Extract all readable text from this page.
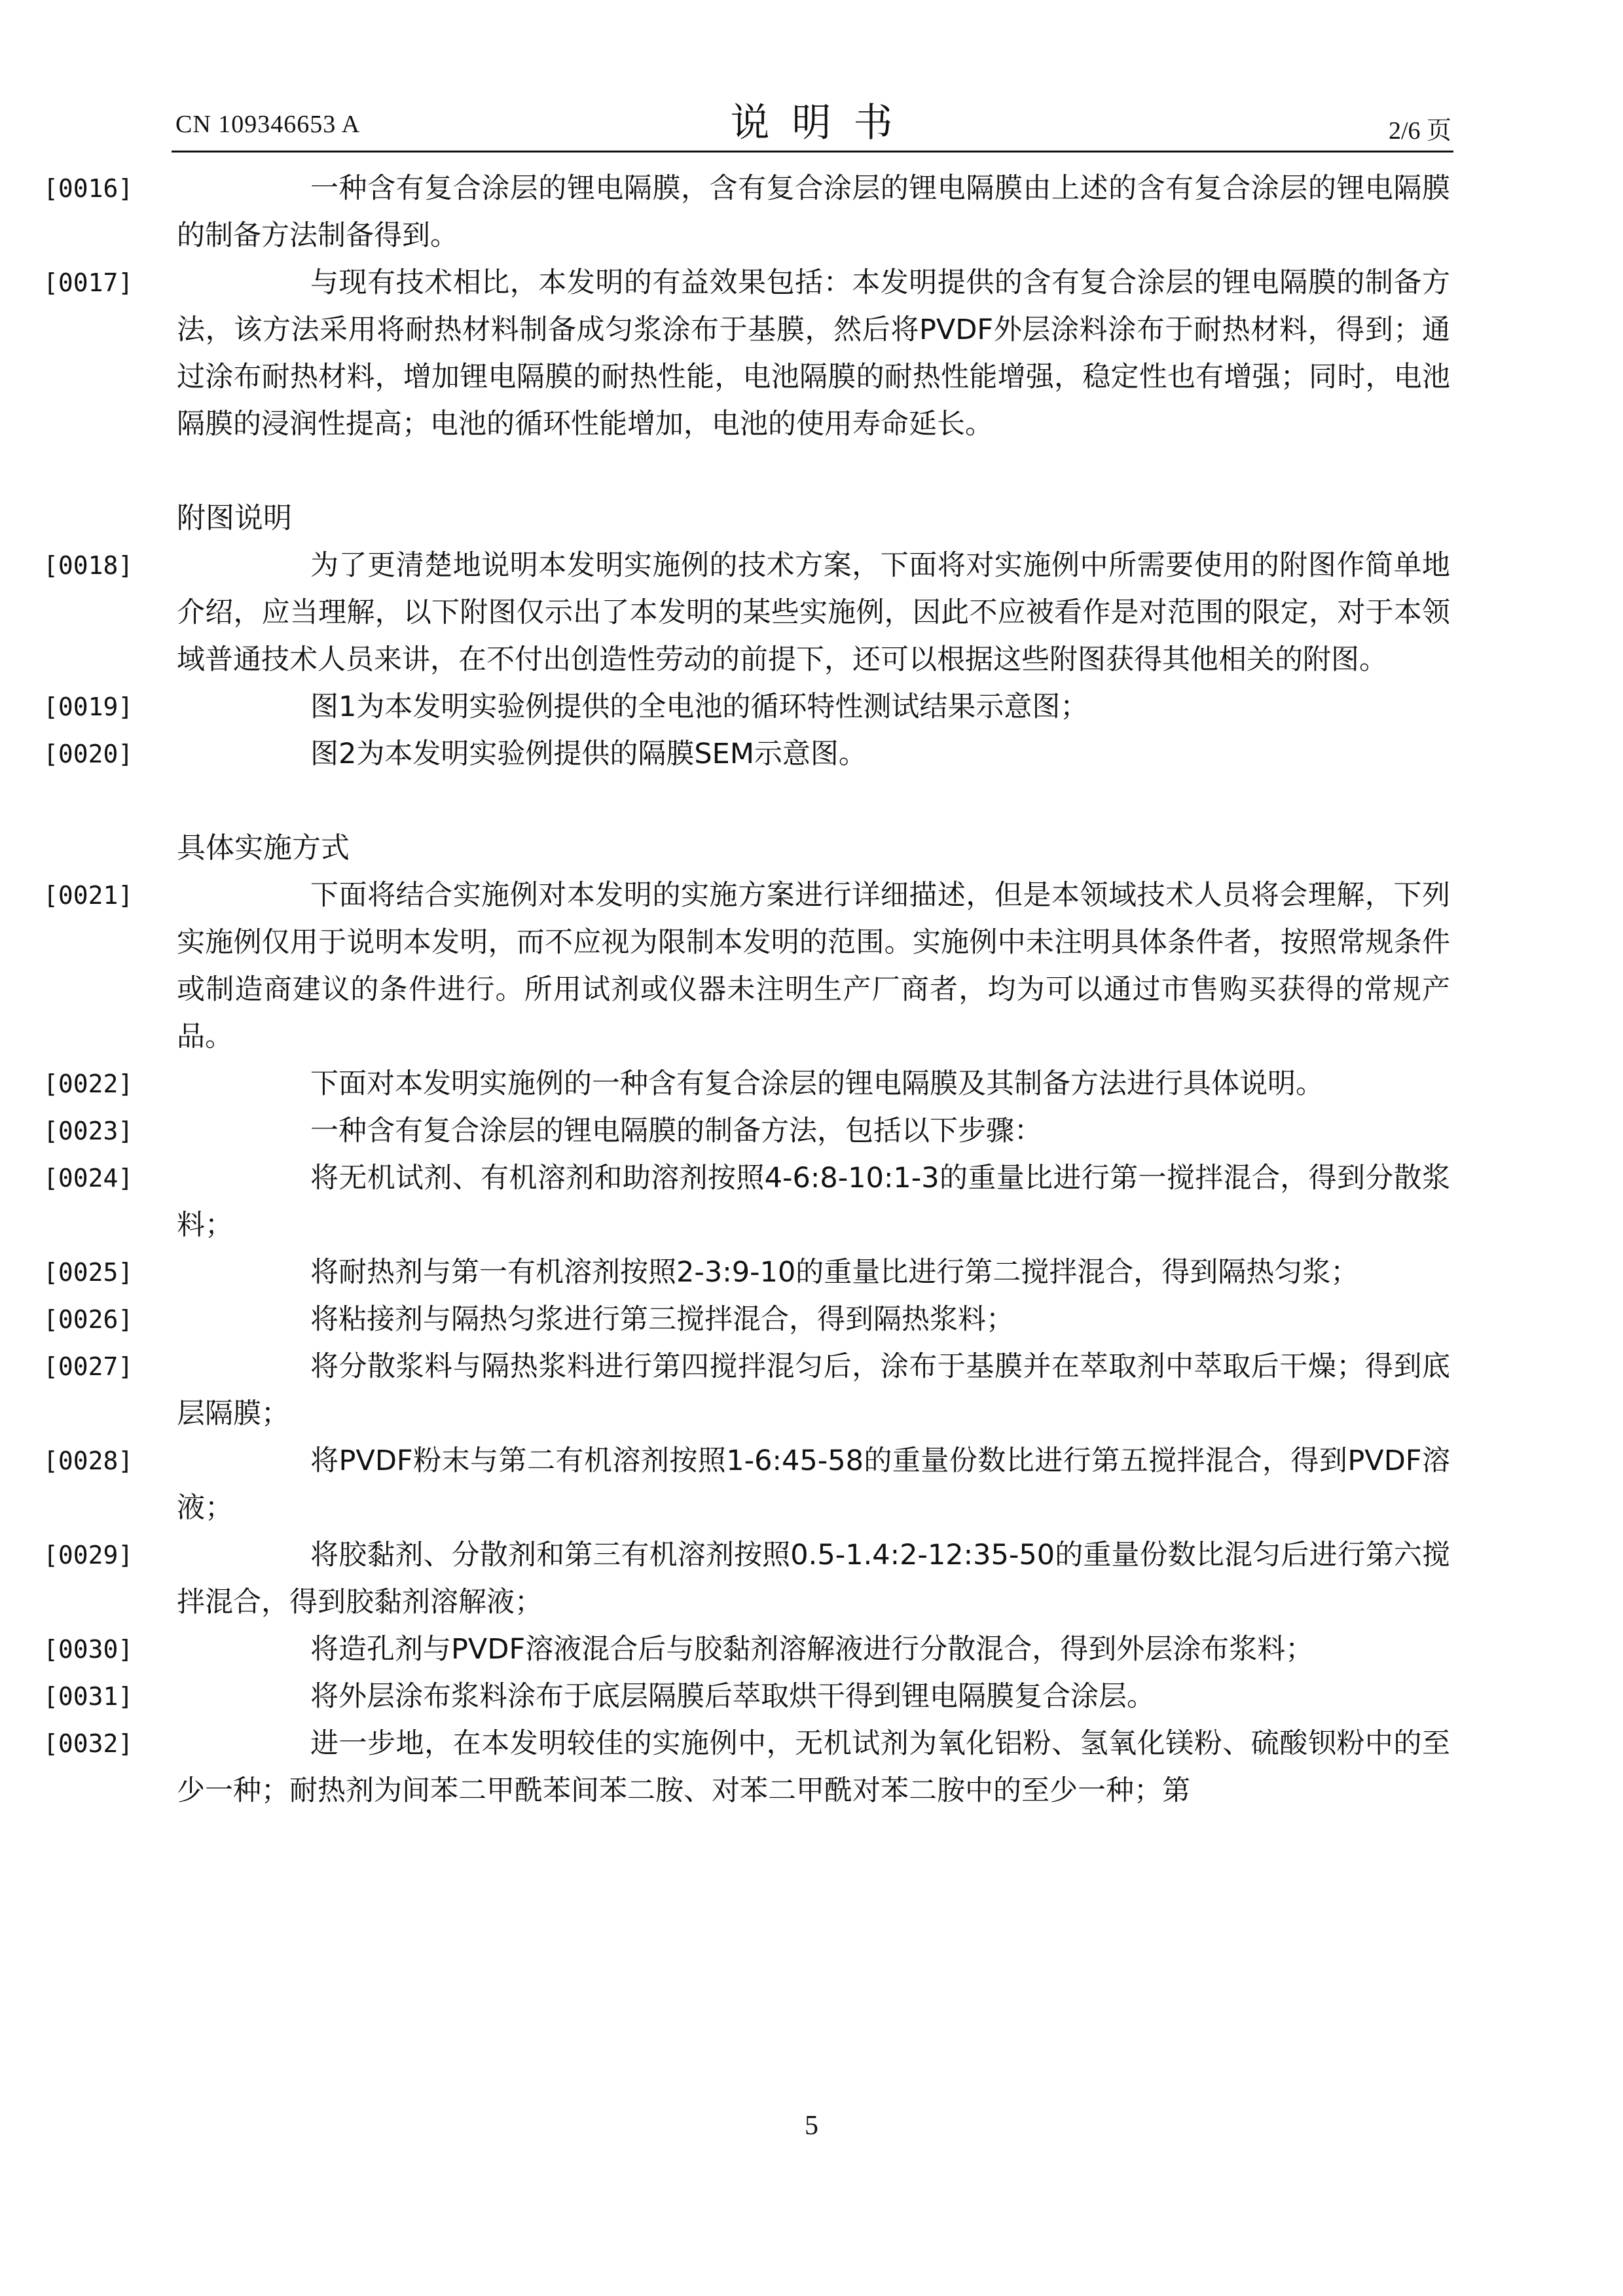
CN 109346653 A	说明书	2/6 页

[0016]	一种含有复合涂层的锂电隔膜，含有复合涂层的锂电隔膜由上述的含有复合涂层的锂电隔膜的制备方法制备得到。

[0017]	与现有技术相比，本发明的有益效果包括：本发明提供的含有复合涂层的锂电隔膜的制备方法，该方法采用将耐热材料制备成匀浆涂布于基膜，然后将PVDF外层涂料涂布于耐热材料，得到；通过涂布耐热材料，增加锂电隔膜的耐热性能，电池隔膜的耐热性能增强，稳定性也有增强；同时，电池隔膜的浸润性提高；电池的循环性能增加，电池的使用寿命延长。

附图说明

[0018]	为了更清楚地说明本发明实施例的技术方案，下面将对实施例中所需要使用的附图作简单地介绍，应当理解，以下附图仅示出了本发明的某些实施例，因此不应被看作是对范围的限定，对于本领域普通技术人员来讲，在不付出创造性劳动的前提下，还可以根据这些附图获得其他相关的附图。

[0019]	图1为本发明实验例提供的全电池的循环特性测试结果示意图；

[0020]	图2为本发明实验例提供的隔膜SEM示意图。

具体实施方式

[0021]	下面将结合实施例对本发明的实施方案进行详细描述，但是本领域技术人员将会理解，下列实施例仅用于说明本发明，而不应视为限制本发明的范围。实施例中未注明具体条件者，按照常规条件或制造商建议的条件进行。所用试剂或仪器未注明生产厂商者，均为可以通过市售购买获得的常规产品。

[0022]	下面对本发明实施例的一种含有复合涂层的锂电隔膜及其制备方法进行具体说明。

[0023]	一种含有复合涂层的锂电隔膜的制备方法，包括以下步骤：

[0024]	将无机试剂、有机溶剂和助溶剂按照4-6:8-10:1-3的重量比进行第一搅拌混合，得到分散浆料；

[0025]	将耐热剂与第一有机溶剂按照2-3:9-10的重量比进行第二搅拌混合，得到隔热匀浆；

[0026]	将粘接剂与隔热匀浆进行第三搅拌混合，得到隔热浆料；

[0027]	将分散浆料与隔热浆料进行第四搅拌混匀后，涂布于基膜并在萃取剂中萃取后干燥；得到底层隔膜；

[0028]	将PVDF粉末与第二有机溶剂按照1-6:45-58的重量份数比进行第五搅拌混合，得到PVDF溶液；

[0029]	将胶黏剂、分散剂和第三有机溶剂按照0.5-1.4:2-12:35-50的重量份数比混匀后进行第六搅拌混合，得到胶黏剂溶解液；

[0030]	将造孔剂与PVDF溶液混合后与胶黏剂溶解液进行分散混合，得到外层涂布浆料；

[0031]	将外层涂布浆料涂布于底层隔膜后萃取烘干得到锂电隔膜复合涂层。

[0032]	进一步地，在本发明较佳的实施例中，无机试剂为氧化铝粉、氢氧化镁粉、硫酸钡粉中的至少一种；耐热剂为间苯二甲酰苯间苯二胺、对苯二甲酰对苯二胺中的至少一种；第

5
